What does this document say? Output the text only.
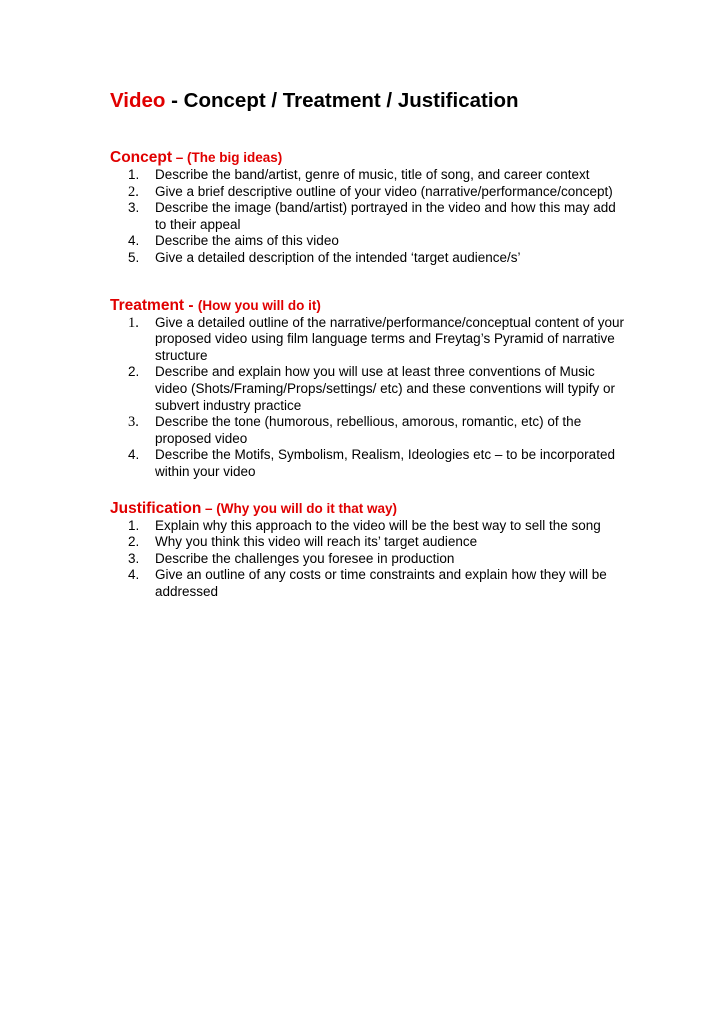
Video - Concept / Treatment / Justification
Concept – (The big ideas)
1.	Describe the band/artist, genre of music, title of song, and career context
2.	Give a brief descriptive outline of your video (narrative/performance/concept)
3.	Describe the image (band/artist) portrayed in the video and how this may add to their appeal
4.	Describe the aims of this video
5.	Give a detailed description of the intended ‘target audience/s’
Treatment - (How you will do it)
1.	Give a detailed outline of the narrative/performance/conceptual content of your proposed video using film language terms and Freytag’s Pyramid of narrative structure
2.	Describe and explain how you will use at least three conventions of Music video (Shots/Framing/Props/settings/ etc) and these conventions will typify or subvert industry practice
3.	Describe the tone (humorous, rebellious, amorous, romantic, etc) of the proposed video
4.	Describe the Motifs, Symbolism, Realism, Ideologies etc – to be incorporated within your video
Justification – (Why you will do it that way)
1.	Explain why this approach to the video will be the best way to sell the song
2.	Why you think this video will reach its’ target audience
3.	Describe the challenges you foresee in production
4.	Give an outline of any costs or time constraints and explain how they will be addressed
